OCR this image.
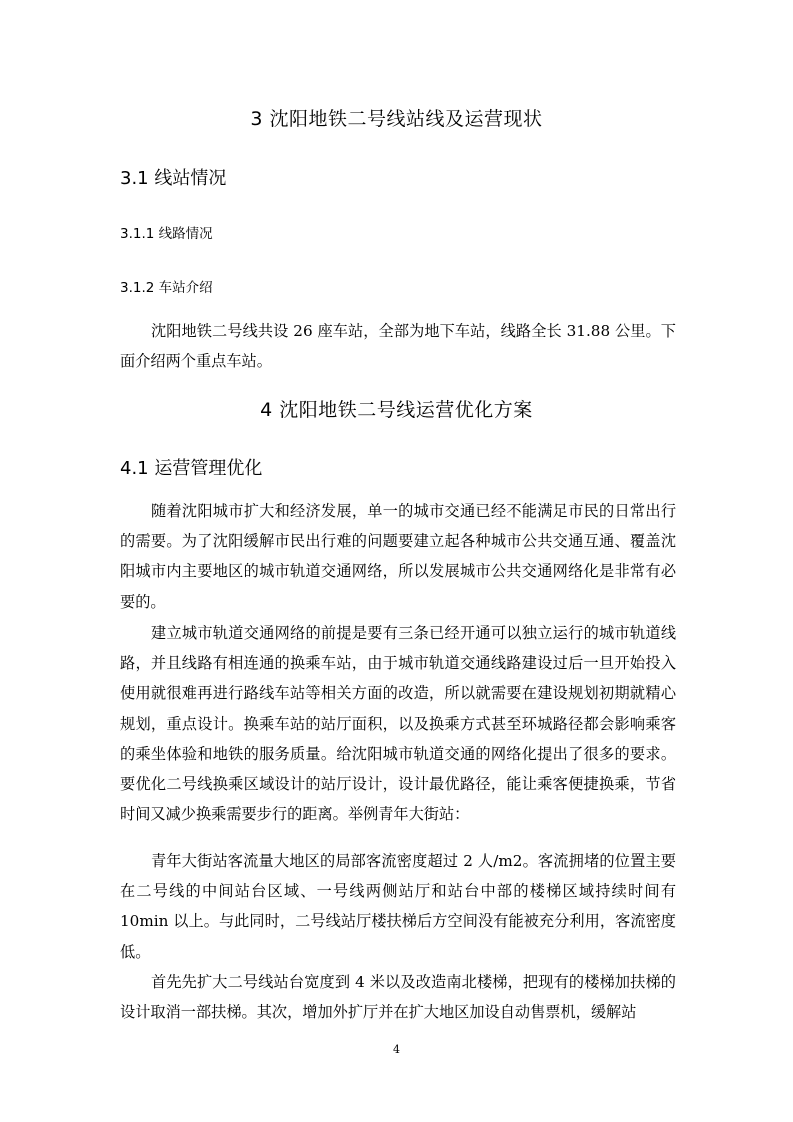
3 沈阳地铁二号线站线及运营现状
3.1 线站情况
3.1.1 线路情况
3.1.2 车站介绍
沈阳地铁二号线共设 26 座车站，全部为地下车站，线路全长 31.88 公里。下面介绍两个重点车站。
4 沈阳地铁二号线运营优化方案
4.1 运营管理优化
随着沈阳城市扩大和经济发展，单一的城市交通已经不能满足市民的日常出行的需要。为了沈阳缓解市民出行难的问题要建立起各种城市公共交通互通、覆盖沈阳城市内主要地区的城市轨道交通网络，所以发展城市公共交通网络化是非常有必要的。
建立城市轨道交通网络的前提是要有三条已经开通可以独立运行的城市轨道线路，并且线路有相连通的换乘车站，由于城市轨道交通线路建设过后一旦开始投入使用就很难再进行路线车站等相关方面的改造，所以就需要在建设规划初期就精心规划，重点设计。换乘车站的站厅面积，以及换乘方式甚至环城路径都会影响乘客的乘坐体验和地铁的服务质量。给沈阳城市轨道交通的网络化提出了很多的要求。要优化二号线换乘区域设计的站厅设计，设计最优路径，能让乘客便捷换乘，节省时间又减少换乘需要步行的距离。举例青年大街站：
青年大街站客流量大地区的局部客流密度超过 2 人/m2。客流拥堵的位置主要在二号线的中间站台区域、一号线两侧站厅和站台中部的楼梯区域持续时间有 10min 以上。与此同时，二号线站厅楼扶梯后方空间没有能被充分利用，客流密度低。
首先先扩大二号线站台宽度到 4 米以及改造南北楼梯，把现有的楼梯加扶梯的设计取消一部扶梯。其次，增加外扩厅并在扩大地区加设自动售票机，缓解站
4
